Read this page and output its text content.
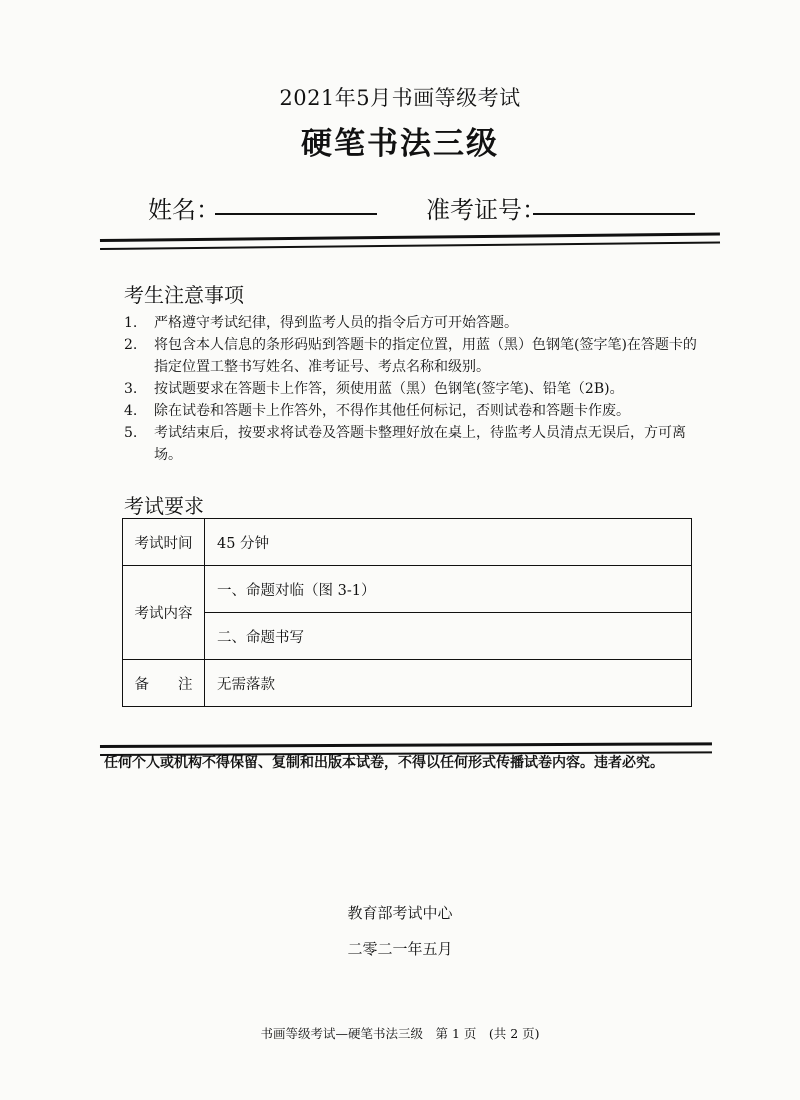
2021年5月书画等级考试
硬笔书法三级
姓名：	准考证号：
考生注意事项
1. 严格遵守考试纪律，得到监考人员的指令后方可开始答题。
2. 将包含本人信息的条形码贴到答题卡的指定位置，用蓝（黑）色钢笔(签字笔)在答题卡的指定位置工整书写姓名、准考证号、考点名称和级别。
3. 按试题要求在答题卡上作答，须使用蓝（黑）色钢笔(签字笔)、铅笔（2B)。
4. 除在试卷和答题卡上作答外，不得作其他任何标记，否则试卷和答题卡作废。
5. 考试结束后，按要求将试卷及答题卡整理好放在桌上，待监考人员清点无误后，方可离场。
考试要求
考试时间	45 分钟
考试内容	一、命题对临（图 3-1）
	二、命题书写
备　　注	无需落款
任何个人或机构不得保留、复制和出版本试卷，不得以任何形式传播试卷内容。违者必究。
教育部考试中心
二零二一年五月
书画等级考试—硬笔书法三级　第 1 页　(共 2 页)
